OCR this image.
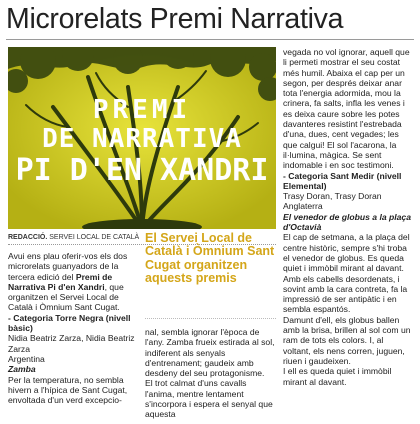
Microrelats Premi Narrativa
PREMI
DE NARRATIVA
PI D'EN XANDRI
REDACCIÓ. SERVEI LOCAL DE CATALÀ El Servei Local de Català i Òmnium Sant Cugat organitzen aquests premis

Avui ens plau oferir-vos els dos microrelats guanyadors de la tercera edició del Premi de Narrativa Pi d'en Xandri, que organitzen el Servei Local de Català i Òmnium Sant Cugat.

- Categoria Torre Negra (nivell bàsic)

Nidia Beatriz Zarza, Nidia Beatriz Zarza

Argentina

Zamba

Per la temperatura, no sembla hivern a l'hípica de Sant Cugat, envoltada d'un verd excepcio-

nal, sembla ignorar l'època de l'any. Zamba frueix estirada al sol, indiferent als senyals d'entrenament; gaudeix amb desdeny del seu protagonisme.

El trot calmat d'uns cavalls l'anima, mentre lentament s'incorpora i espera el senyal que aquesta

vegada no vol ignorar, aquell que li permeti mostrar el seu costat més humil. Abaixa el cap per un segon, per després deixar anar tota l'energia adormida, mou la crinera, fa salts, infla les venes i es deixa caure sobre les potes davanteres resistint l'estrebada d'una, dues, cent vegades; les que calgui! El sol l'acarona, la il·lumina, màgica. Se sent indomable i en soc testimoni.

- Categoria Sant Medir (nivell Elemental)

Trasy Doran, Trasy Doran

Anglaterra

El venedor de globus a la plaça d'Octavià

El cap de setmana, a la plaça del centre històric, sempre s'hi troba el venedor de globus. Es queda quiet i immòbil mirant al davant.

Amb els cabells desordenats, i sovint amb la cara contreta, fa la impressió de ser antipàtic i en sembla espantós.

Damunt d'ell, els globus ballen amb la brisa, brillen al sol com un ram de tots els colors. I, al voltant, els nens corren, juguen, riuen i gaudeixen.

I ell es queda quiet i immòbil mirant al davant.
